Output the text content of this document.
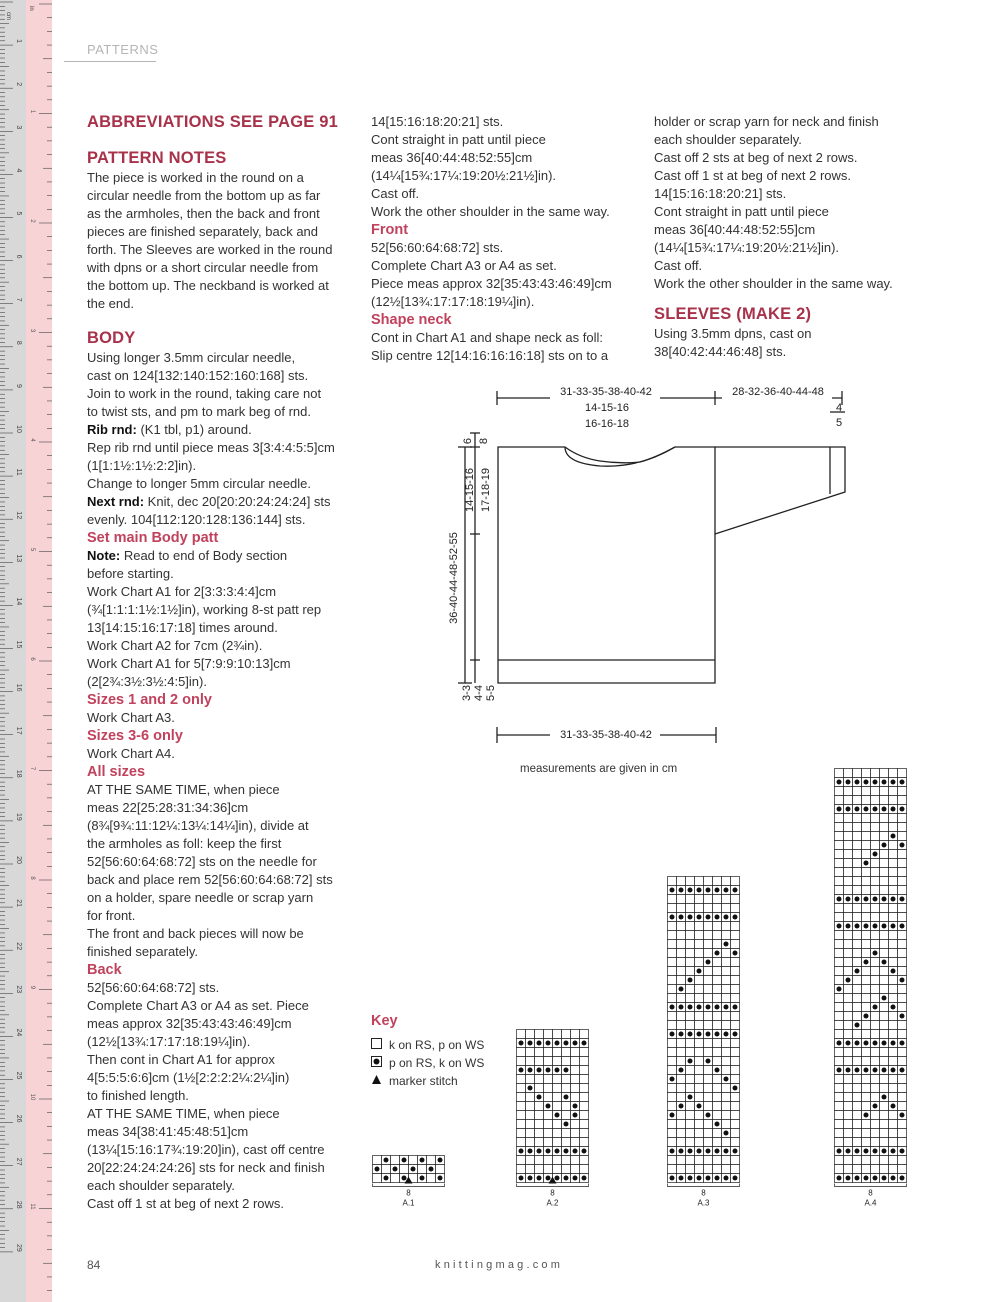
cm
in
1
2
3
4
5
6
7
8
9
10
11
12
13
14
15
16
17
18
19
20
21
22
23
24
25
26
27
28
29
1
2
3
4
5
6
7
8
9
10
11
PATTERNS
ABBREVIATIONS SEE PAGE 91
PATTERN NOTES

The piece is worked in the round on a

circular needle from the bottom up as far

as the armholes, then the back and front

pieces are finished separately, back and

forth. The Sleeves are worked in the round

with dpns or a short circular needle from

the bottom up. The neckband is worked at

the end.

BODY

Using longer 3.5mm circular needle,

cast on 124[132:140:152:160:168] sts.

Join to work in the round, taking care not

to twist sts, and pm to mark beg of rnd.

Rib rnd: (K1 tbl, p1) around.

Rep rib rnd until piece meas 3[3:4:4:5:5]cm

(1[1:1½:1½:2:2]in).

Change to longer 5mm circular needle.

Next rnd: Knit, dec 20[20:20:24:24:24] sts

evenly. 104[112:120:128:136:144] sts.

Set main Body patt

Note: Read to end of Body section

before starting.

Work Chart A1 for 2[3:3:3:4:4]cm

(¾[1:1:1:1½:1½]in), working 8-st patt rep

13[14:15:16:17:18] times around.

Work Chart A2 for 7cm (2¾in).

Work Chart A1 for 5[7:9:9:10:13]cm

(2[2¾:3½:3½:4:5]in).

Sizes 1 and 2 only

Work Chart A3.

Sizes 3-6 only

Work Chart A4.

All sizes

AT THE SAME TIME, when piece

meas 22[25:28:31:34:36]cm

(8¾[9¾:11:12¼:13¼:14¼]in), divide at

the armholes as foll: keep the first

52[56:60:64:68:72] sts on the needle for

back and place rem 52[56:60:64:68:72] sts

on a holder, spare needle or scrap yarn

for front.

The front and back pieces will now be

finished separately.

Back

52[56:60:64:68:72] sts.

Complete Chart A3 or A4 as set. Piece

meas approx 32[35:43:43:46:49]cm

(12½[13¾:17:17:18:19¼]in).

Then cont in Chart A1 for approx

4[5:5:5:6:6]cm (1½[2:2:2:2¼:2¼]in)

to finished length.

AT THE SAME TIME, when piece

meas 34[38:41:45:48:51]cm

(13¼[15:16:17¾:19:20]in), cast off centre

20[22:24:24:24:26] sts for neck and finish

each shoulder separately.

Cast off 1 st at beg of next 2 rows.

14[15:16:18:20:21] sts.

Cont straight in patt until piece

meas 36[40:44:48:52:55]cm

(14¼[15¾:17¼:19:20½:21½]in).

Cast off.

Work the other shoulder in the same way.

Front

52[56:60:64:68:72] sts.

Complete Chart A3 or A4 as set.

Piece meas approx 32[35:43:43:46:49]cm

(12½[13¾:17:17:18:19¼]in).

Shape neck

Cont in Chart A1 and shape neck as foll:

Slip centre 12[14:16:16:16:18] sts on to a

holder or scrap yarn for neck and finish

each shoulder separately.

Cast off 2 sts at beg of next 2 rows.

Cast off 1 st at beg of next 2 rows.

14[15:16:18:20:21] sts.

Cont straight in patt until piece

meas 36[40:44:48:52:55]cm

(14¼[15¾:17¼:19:20½:21½]in).

Cast off.

Work the other shoulder in the same way.

SLEEVES (MAKE 2)

Using 3.5mm dpns, cast on

38[40:42:44:46:48] sts.

31-33-35-38-40-42
14-15-16
16-16-18
28-32-36-40-44-48
4
5
6 8
14-15-16 17-18-19
36-40-44-48-52-55
3-3 4-4 5-5
31-33-35-38-40-42
measurements are given in cm
Key
k on RS, p on WS
p on RS, k on WS
marker stitch
8
A.1
8
A.2
8
A.3
8
A.4
84	knittingmag.com
